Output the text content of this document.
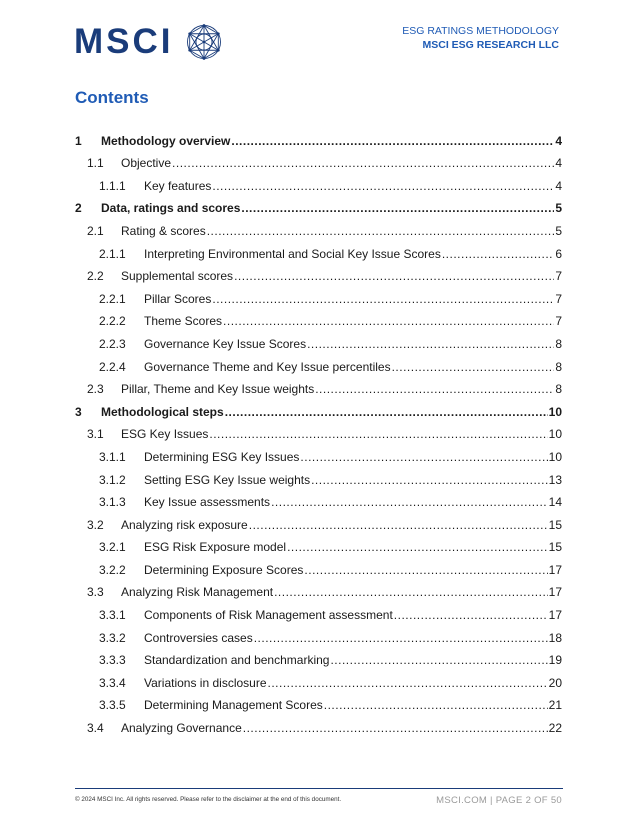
MSCI	ESG RATINGS METHODOLOGY
MSCI ESG RESEARCH LLC
Contents
1	Methodology overview .....	4
1.1	Objective .....	4
1.1.1	Key features .....	4
2	Data, ratings and scores .....	5
2.1	Rating & scores .....	5
2.1.1	Interpreting Environmental and Social Key Issue Scores .....	6
2.2	Supplemental scores .....	7
2.2.1	Pillar Scores .....	7
2.2.2	Theme Scores .....	7
2.2.3	Governance Key Issue Scores .....	8
2.2.4	Governance Theme and Key Issue percentiles .....	8
2.3	Pillar, Theme and Key Issue weights .....	8
3	Methodological steps .....	10
3.1	ESG Key Issues .....	10
3.1.1	Determining ESG Key Issues .....	10
3.1.2	Setting ESG Key Issue weights .....	13
3.1.3	Key Issue assessments .....	14
3.2	Analyzing risk exposure .....	15
3.2.1	ESG Risk Exposure model .....	15
3.2.2	Determining Exposure Scores .....	17
3.3	Analyzing Risk Management .....	17
3.3.1	Components of Risk Management assessment .....	17
3.3.2	Controversies cases .....	18
3.3.3	Standardization and benchmarking .....	19
3.3.4	Variations in disclosure .....	20
3.3.5	Determining Management Scores .....	21
3.4	Analyzing Governance .....	22
© 2024 MSCI Inc. All rights reserved. Please refer to the disclaimer at the end of this document.	MSCI.COM | PAGE 2 OF 50
